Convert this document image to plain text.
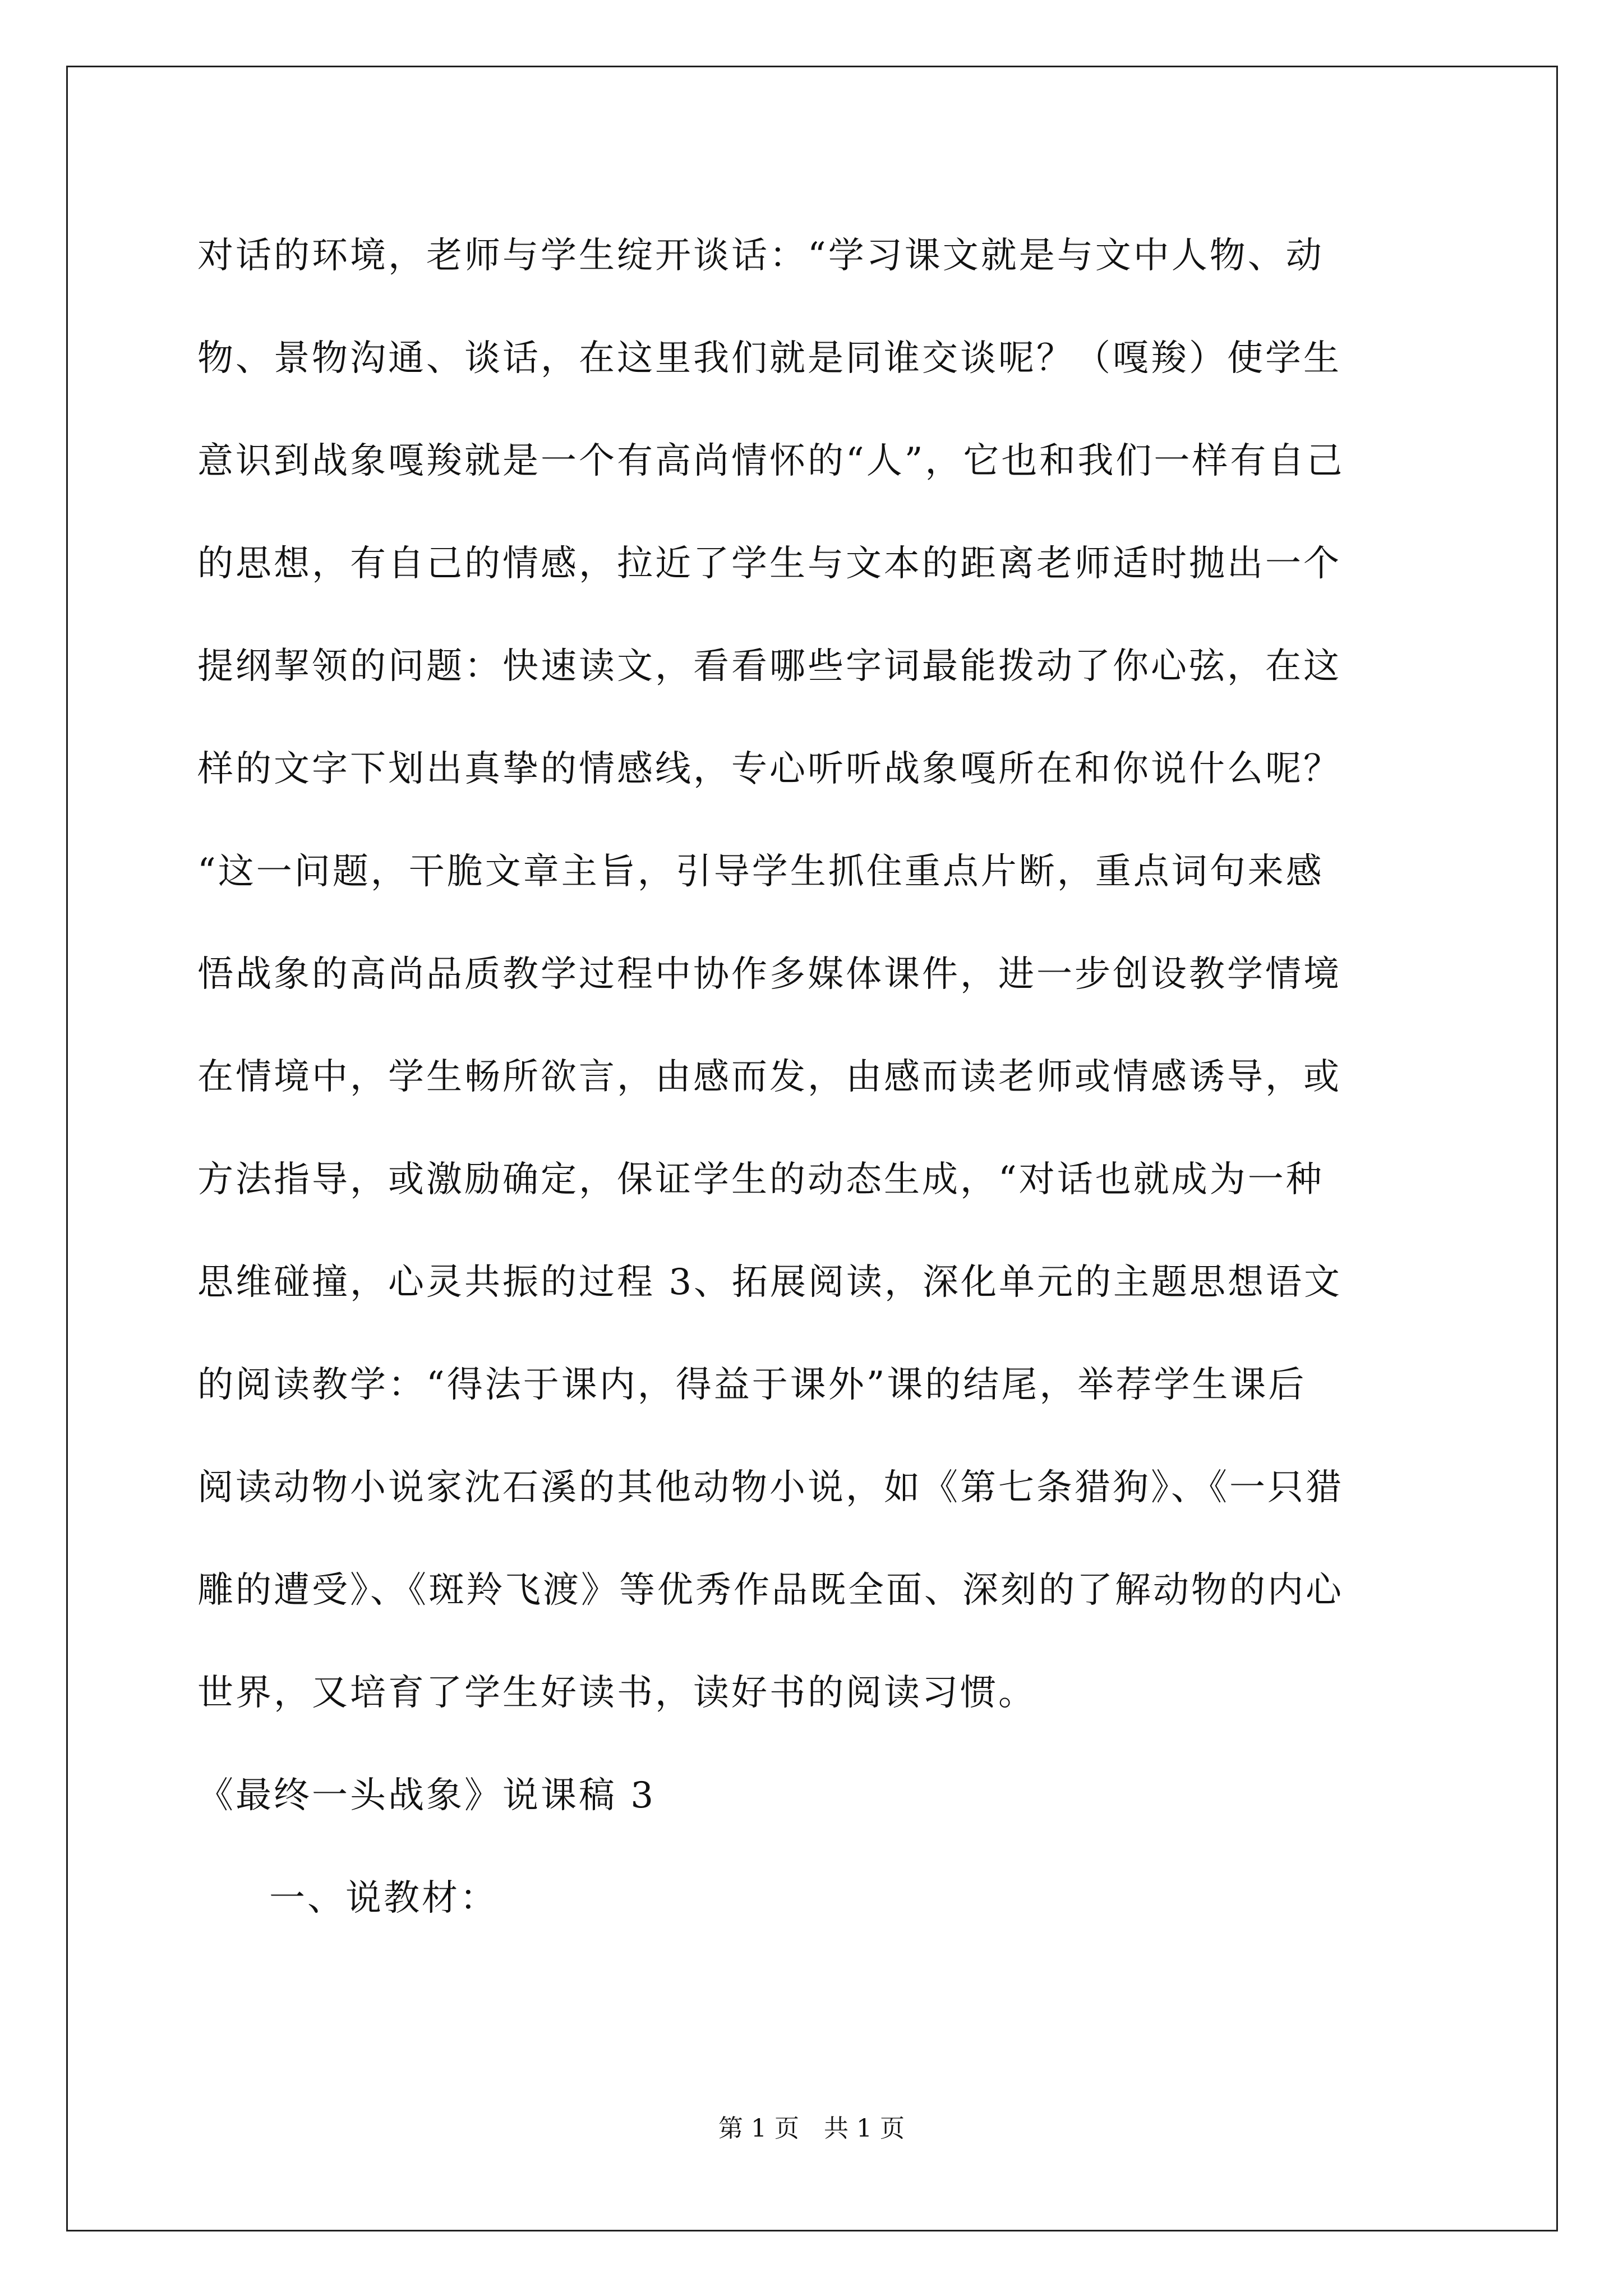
对话的环境，老师与学生绽开谈话：“学习课文就是与文中人物、动
物、景物沟通、谈话，在这里我们就是同谁交谈呢？（嘎羧）使学生
意识到战象嘎羧就是一个有高尚情怀的“人”，它也和我们一样有自己
的思想，有自己的情感，拉近了学生与文本的距离老师适时抛出一个
提纲挈领的问题：快速读文，看看哪些字词最能拨动了你心弦，在这
样的文字下划出真挚的情感线，专心听听战象嘎所在和你说什么呢？
“这一问题，干脆文章主旨，引导学生抓住重点片断，重点词句来感
悟战象的高尚品质教学过程中协作多媒体课件，进一步创设教学情境
在情境中，学生畅所欲言，由感而发，由感而读老师或情感诱导，或
方法指导，或激励确定，保证学生的动态生成，“对话也就成为一种
思维碰撞，心灵共振的过程 3、拓展阅读，深化单元的主题思想语文
的阅读教学：“得法于课内，得益于课外”课的结尾，举荐学生课后
阅读动物小说家沈石溪的其他动物小说，如《第七条猎狗》、《一只猎
雕的遭受》、《斑羚飞渡》等优秀作品既全面、深刻的了解动物的内心
世界，又培育了学生好读书，读好书的阅读习惯。
《最终一头战象》说课稿 3
一、说教材：
第 1 页　共 1 页
